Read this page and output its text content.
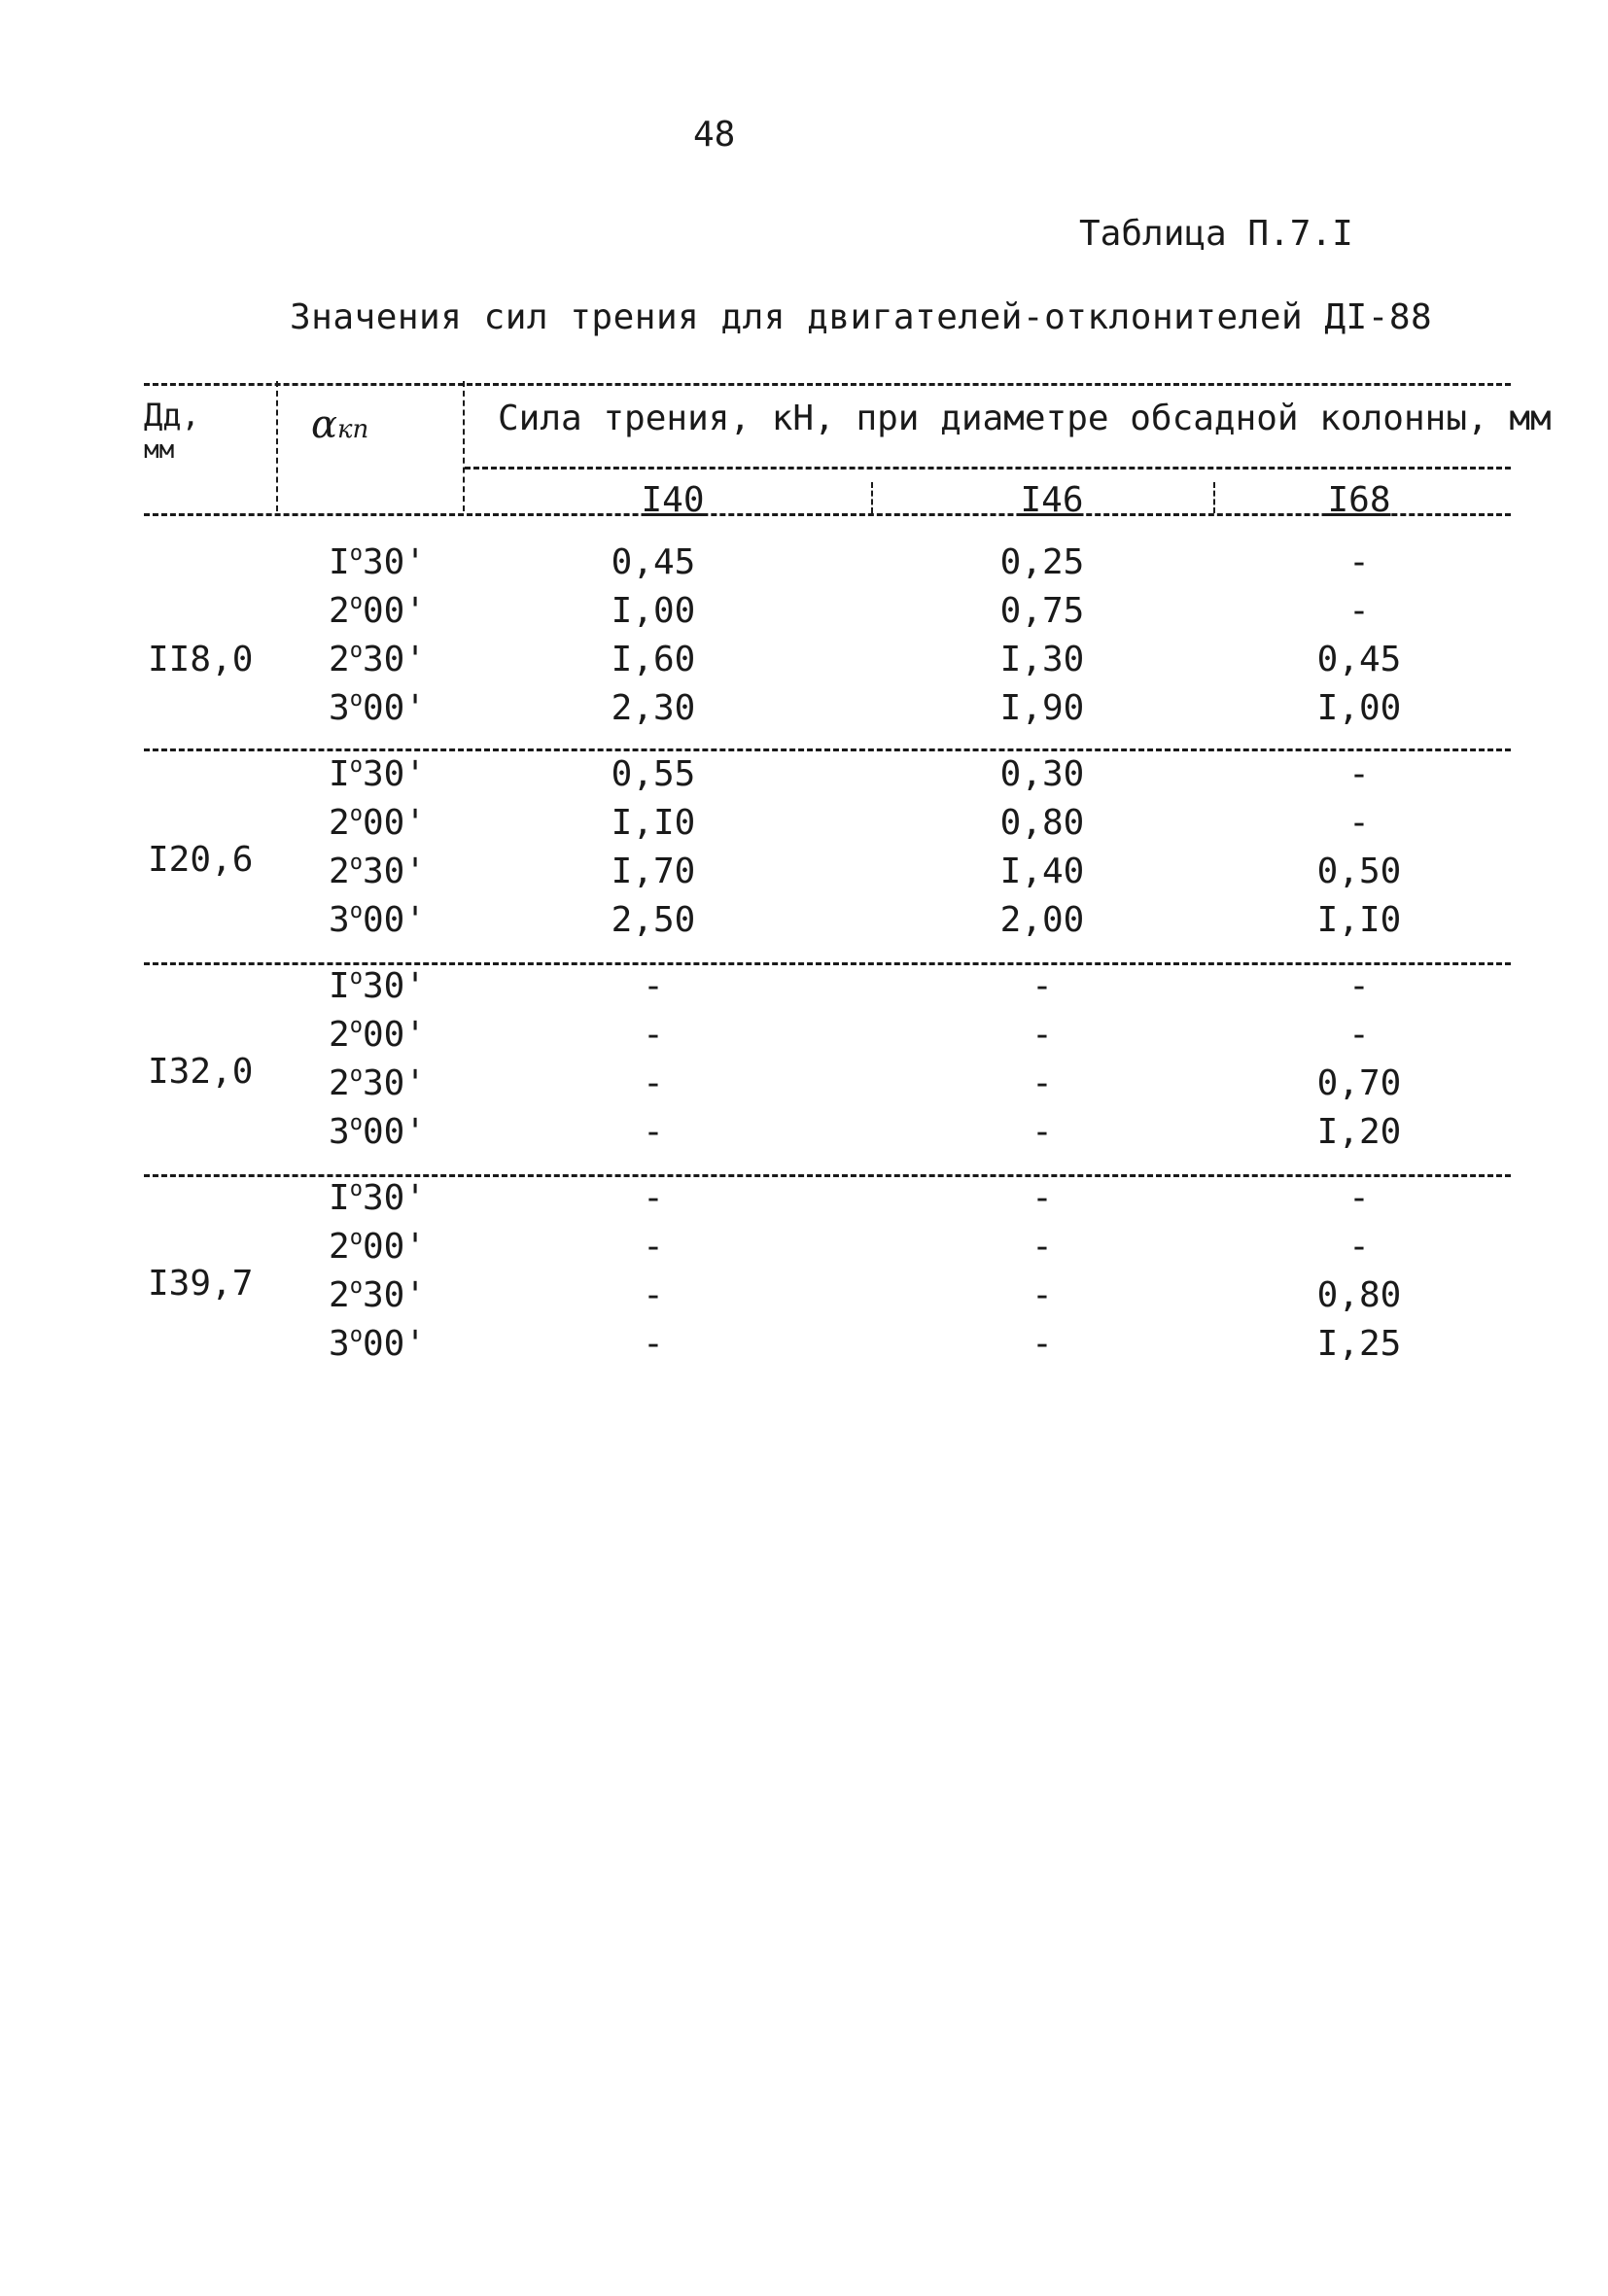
48
Таблица П.7.I
Значения сил трения для двигателей-отклонителей ДI-88
Дд,
мм
αкп	Сила трения, кН, при диаметре обсадной колонны, мм
I40	I46	I68
II8,0
$I^o30'$	0,45	0,25	-
2$^o$00'	I,00	0,75	-
2$^o$30'	I,60	I,30	0,45
3$^o$00'	2,30	I,90	I,00
I20,6
$I^o30'$	0,55	0,30	-
2$^o$00'	I,I0	0,80	-
2$^o$30'	I,70	I,40	0,50
3$^o$00'	2,50	2,00	I,I0
I32,0
$I^o30'$	-	-	-
2$^o$00'	-	-	-
2$^o$30'	-	-	0,70
3$^o$00'	-	-	I,20
I39,7
$I^o30'$	-	-	-
2$^o$00'	-	-	-
2$^o$30'	-	-	0,80
3$^o$00'	-	-	I,25
